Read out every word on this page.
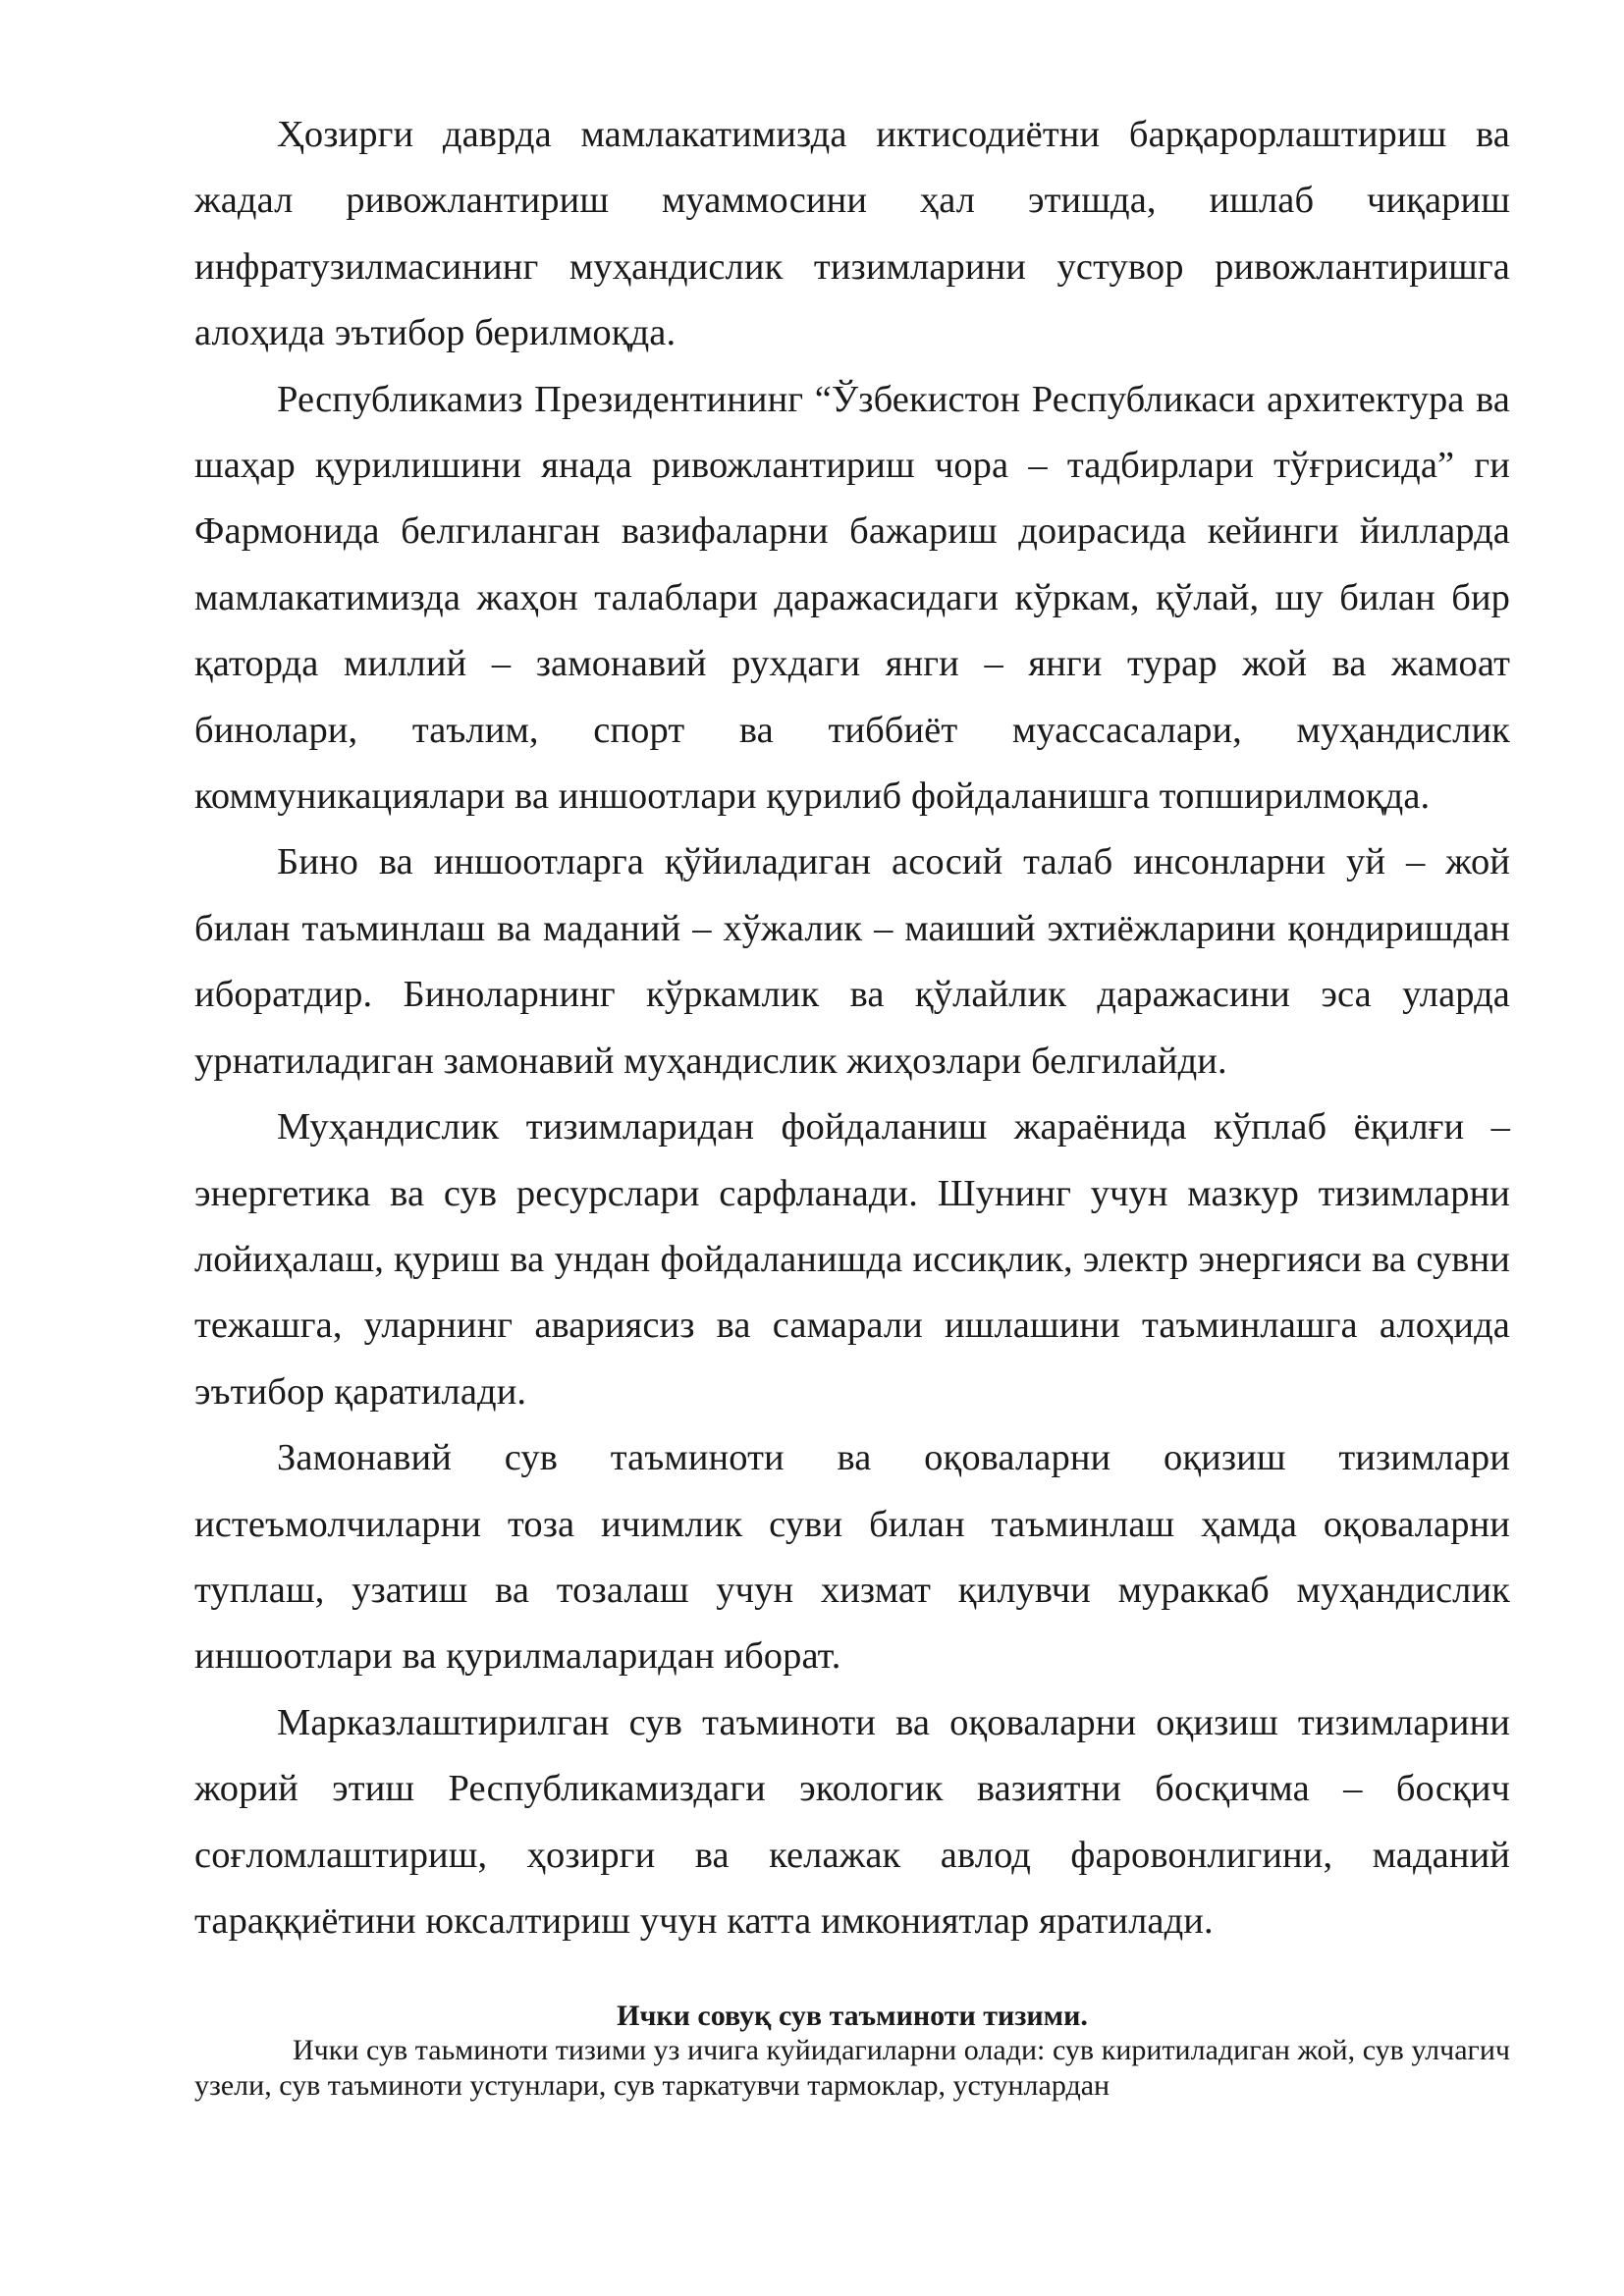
Ҳозирги даврда мамлакатимизда иктисодиётни барқарорлаштириш ва жадал ривожлантириш муаммосини ҳал этишда, ишлаб чиқариш инфратузилмасининг муҳандислик тизимларини устувор ривожлантиришга алоҳида эътибор берилмоқда.

Республикамиз Президентининг “Ўзбекистон Республикаси архитектура ва шаҳар қурилишини янада ривожлантириш чора – тадбирлари тўғрисида” ги Фармонида белгиланган вазифаларни бажариш доирасида кейинги йилларда мамлакатимизда жаҳон талаблари даражасидаги кўркам, қўлай, шу билан бир қаторда миллий – замонавий рухдаги янги – янги турар жой ва жамоат бинолари, таълим, спорт ва тиббиёт муассасалари, муҳандислик коммуникациялари ва иншоотлари қурилиб фойдаланишга топширилмоқда.

Бино ва иншоотларга қўйиладиган асосий талаб инсонларни уй – жой билан таъминлаш ва маданий – хўжалик – маиший эхтиёжларини қондиришдан иборатдир. Биноларнинг кўркамлик ва қўлайлик даражасини эса уларда урнатиладиган замонавий муҳандислик жиҳозлари белгилайди.

Муҳандислик тизимларидан фойдаланиш жараёнида кўплаб ёқилғи – энергетика ва сув ресурслари сарфланади. Шунинг учун мазкур тизимларни лойиҳалаш, қуриш ва ундан фойдаланишда иссиқлик, электр энергияси ва сувни тежашга, уларнинг авариясиз ва самарали ишлашини таъминлашга алоҳида эътибор қаратилади.

Замонавий сув таъминоти ва оқоваларни оқизиш тизимлари истеъмолчиларни тоза ичимлик суви билан таъминлаш ҳамда оқоваларни туплаш, узатиш ва тозалаш учун хизмат қилувчи мураккаб муҳандислик иншоотлари ва қурилмаларидан иборат.

Марказлаштирилган сув таъминоти ва оқоваларни оқизиш тизимларини жорий этиш Республикамиздаги экологик вазиятни босқичма – босқич соғломлаштириш, ҳозирги ва келажак авлод фаровонлигини, маданий тараққиётини юксалтириш учун катта имкониятлар яратилади.

Ички совуқ сув таъминоти тизими.

Ички сув таьминоти тизими уз ичига куйидагиларни олади: сув киритиладиган жой, сув улчагич узели, сув таъминоти устунлари, сув таркатувчи тармоклар, устунлардан
